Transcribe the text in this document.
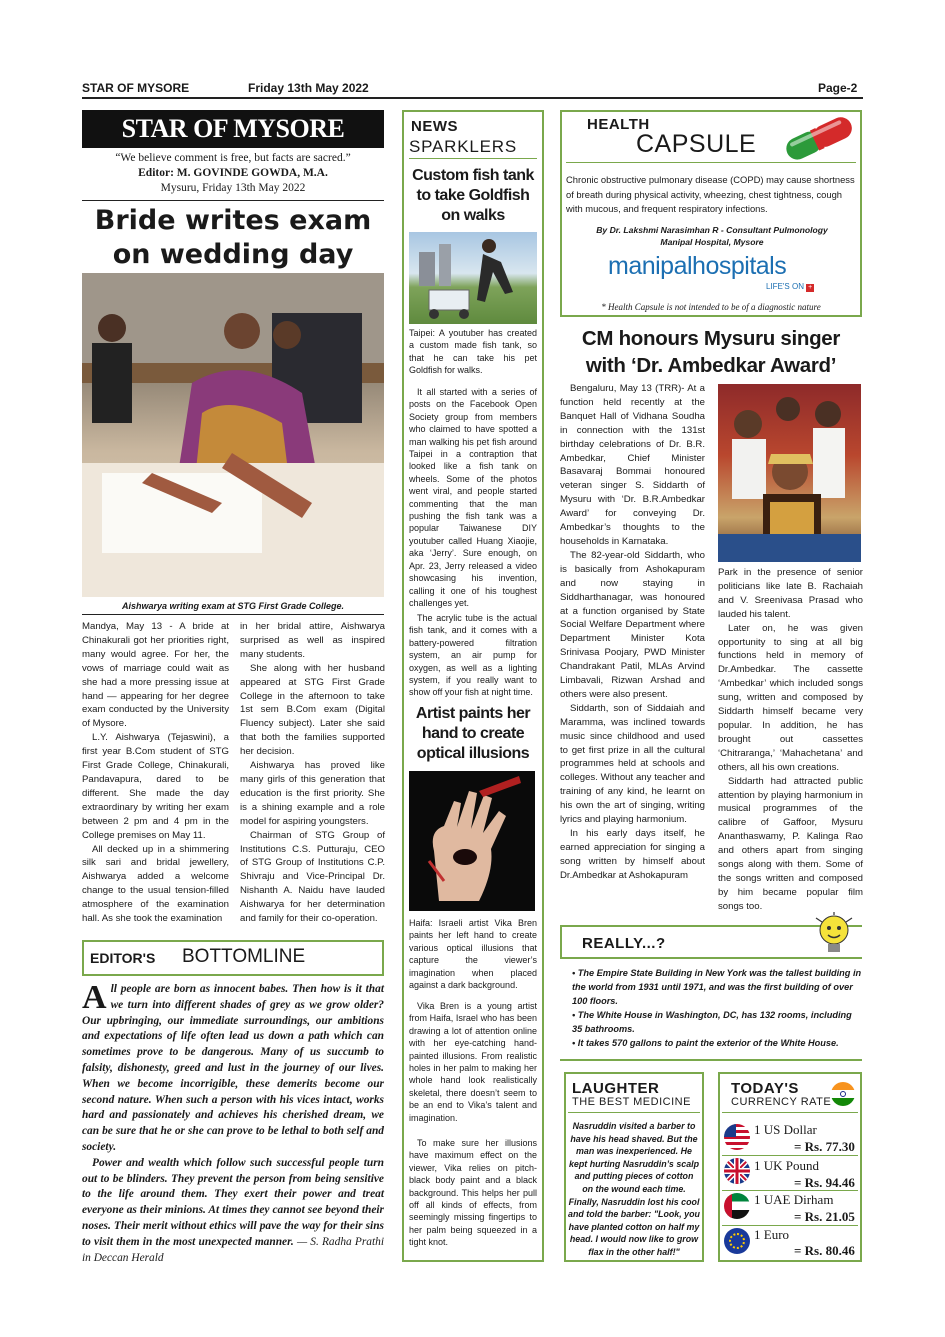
STAR OF MYSORE	Friday 13th May 2022	Page-2
STAR OF MYSORE
“We believe comment is free, but facts are sacred.”
Editor: M. GOVINDE GOWDA, M.A.
Mysuru, Friday 13th May 2022
Bride writes exam
on wedding day
Aishwarya writing exam at STG First Grade College.

Mandya, May 13 - A bride at Chinakurali got her priorities right, many would agree. For her, the vows of marriage could wait as she had a more pressing issue at hand — appearing for her degree exam conducted by the University of Mysore.

L.Y. Aishwarya (Tejaswini), a first year B.Com student of STG First Grade College, Chinakurali, Pandavapura, dared to be different. She made the day extraordinary by writing her exam between 2 pm and 4 pm in the College premises on May 11.

All decked up in a shimmering silk sari and bridal jewellery, Aishwarya added a welcome change to the usual tension-filled atmosphere of the examination hall. As she took the examination

in her bridal attire, Aishwarya surprised as well as inspired many students.

She along with her husband appeared at STG First Grade College in the afternoon to take 1st sem B.Com exam (Digital Fluency subject). Later she said that both the families supported her decision.

Aishwarya has proved like many girls of this generation that education is the first priority. She is a shining example and a role model for aspiring youngsters.

Chairman of STG Group of Institutions C.S. Putturaju, CEO of STG Group of Institutions C.P. Shivraju and Vice-Principal Dr. Nishanth A. Naidu have lauded Aishwarya for her determination and family for their co-operation.

EDITOR'S BOTTOMLINE

All people are born as innocent babes. Then how is it that we turn into different shades of grey as we grow older? Our upbringing, our immediate surroundings, our ambitions and expectations of life often lead us down a path which can sometimes prove to be dangerous. Many of us succumb to falsity, dishonesty, greed and lust in the journey of our lives. When we become incorrigible, these demerits become our second nature. When such a person with his vices intact, works hard and passionately and achieves his cherished dream, we can be sure that he or she can prove to be lethal to both self and society.

Power and wealth which follow such successful people turn out to be blinders. They prevent the person from being sensitive to the life around them. They exert their power and treat everyone as their minions. At times they cannot see beyond their noses. Their merit without ethics will pave the way for their sins to visit them in the most unexpected manner. — S. Radha Prathi in Deccan Herald

NEWS
SPARKLERS
Custom fish tank
to take Goldfish
on walks
Taipei: A youtuber has created a custom made fish tank, so that he can take his pet Goldfish for walks.
It all started with a series of posts on the Facebook Open Society group from members who claimed to have spotted a man walking his pet fish around Taipei in a contraption that looked like a fish tank on wheels. Some of the photos went viral, and people started commenting that the man pushing the fish tank was a popular Taiwanese DIY youtuber called Huang Xiaojie, aka ‘Jerry’. Sure enough, on Apr. 23, Jerry released a video showcasing his invention, calling it one of his toughest challenges yet.
The acrylic tube is the actual fish tank, and it comes with a battery-powered filtration system, an air pump for oxygen, as well as a lighting system, if you really want to show off your fish at night time.
Artist paints her
hand to create
optical illusions
Haifa: Israeli artist Vika Bren paints her left hand to create various optical illusions that capture the viewer’s imagination when placed against a dark background.
Vika Bren is a young artist from Haifa, Israel who has been drawing a lot of attention online with her eye-catching hand-painted illusions. From realistic holes in her palm to making her whole hand look realistically skeletal, there doesn’t seem to be an end to Vika’s talent and imagination.
To make sure her illusions have maximum effect on the viewer, Vika relies on pitch-black body paint and a black background. This helps her pull off all kinds of effects, from seemingly missing fingertips to her palm being squeezed in a tight knot.
HEALTH
CAPSULE
Chronic obstructive pulmonary disease (COPD) may cause shortness of breath during physical activity, wheezing, chest tightness, cough with mucous, and frequent respiratory infections.
By Dr. Lakshmi Narasimhan R - Consultant Pulmonology
Manipal Hospital, Mysore
manipalhospitals
LIFE'S ON +
* Health Capsule is not intended to be of a diagnostic nature
CM honours Mysuru singer
with ‘Dr. Ambedkar Award’

Bengaluru, May 13 (TRR)- At a function held recently at the Banquet Hall of Vidhana Soudha in connection with the 131st birthday celebrations of Dr. B.R. Ambedkar, Chief Minister Basavaraj Bommai honoured veteran singer S. Siddarth of Mysuru with ‘Dr. B.R.Ambedkar Award’ for conveying Dr. Ambedkar’s thoughts to the households in Karnataka.

The 82-year-old Siddarth, who is basically from Ashokapuram and now staying in Siddharthanagar, was honoured at a function organised by State Social Welfare Department where Department Minister Kota Srinivasa Poojary, PWD Minister Chandrakant Patil, MLAs Arvind Limbavali, Rizwan Arshad and others were also present.

Siddarth, son of Siddaiah and Maramma, was inclined towards music since childhood and used to get first prize in all the cultural programmes held at schools and colleges. Without any teacher and training of any kind, he learnt on his own the art of singing, writing lyrics and playing harmonium.

In his early days itself, he earned appreciation for singing a song written by himself about Dr.Ambedkar at Ashokapuram

Park in the presence of senior politicians like late B. Rachaiah and V. Sreenivasa Prasad who lauded his talent.

Later on, he was given opportunity to sing at all big functions held in memory of Dr.Ambedkar. The cassette ‘Ambedkar’ which included songs sung, written and composed by Siddarth himself became very popular. In addition, he has brought out cassettes ‘Chitraranga,’ ‘Mahachetana’ and others, all his own creations.

Siddarth had attracted public attention by playing harmonium in musical programmes of the calibre of Gaffoor, Mysuru Ananthaswamy, P. Kalinga Rao and others apart from singing songs along with them. Some of the songs written and composed by him became popular film songs too.

REALLY...?
• The Empire State Building in New York was the tallest building in the world from 1931 until 1971, and was the first building of over 100 floors.
• The White House in Washington, DC, has 132 rooms, including 35 bathrooms.
• It takes 570 gallons to paint the exterior of the White House.
LAUGHTER
THE BEST MEDICINE
Nasruddin visited a barber to have his head shaved. But the man was inexperienced. He kept hurting Nasruddin’s scalp and putting pieces of cotton on the wound each time. Finally, Nasruddin lost his cool and told the barber: "Look, you have planted cotton on half my head. I would now like to grow flax in the other half!"
TODAY'S
CURRENCY RATE
1 US Dollar
= Rs. 77.30
1 UK Pound
= Rs. 94.46
1 UAE Dirham
= Rs. 21.05
1 Euro
= Rs. 80.46
